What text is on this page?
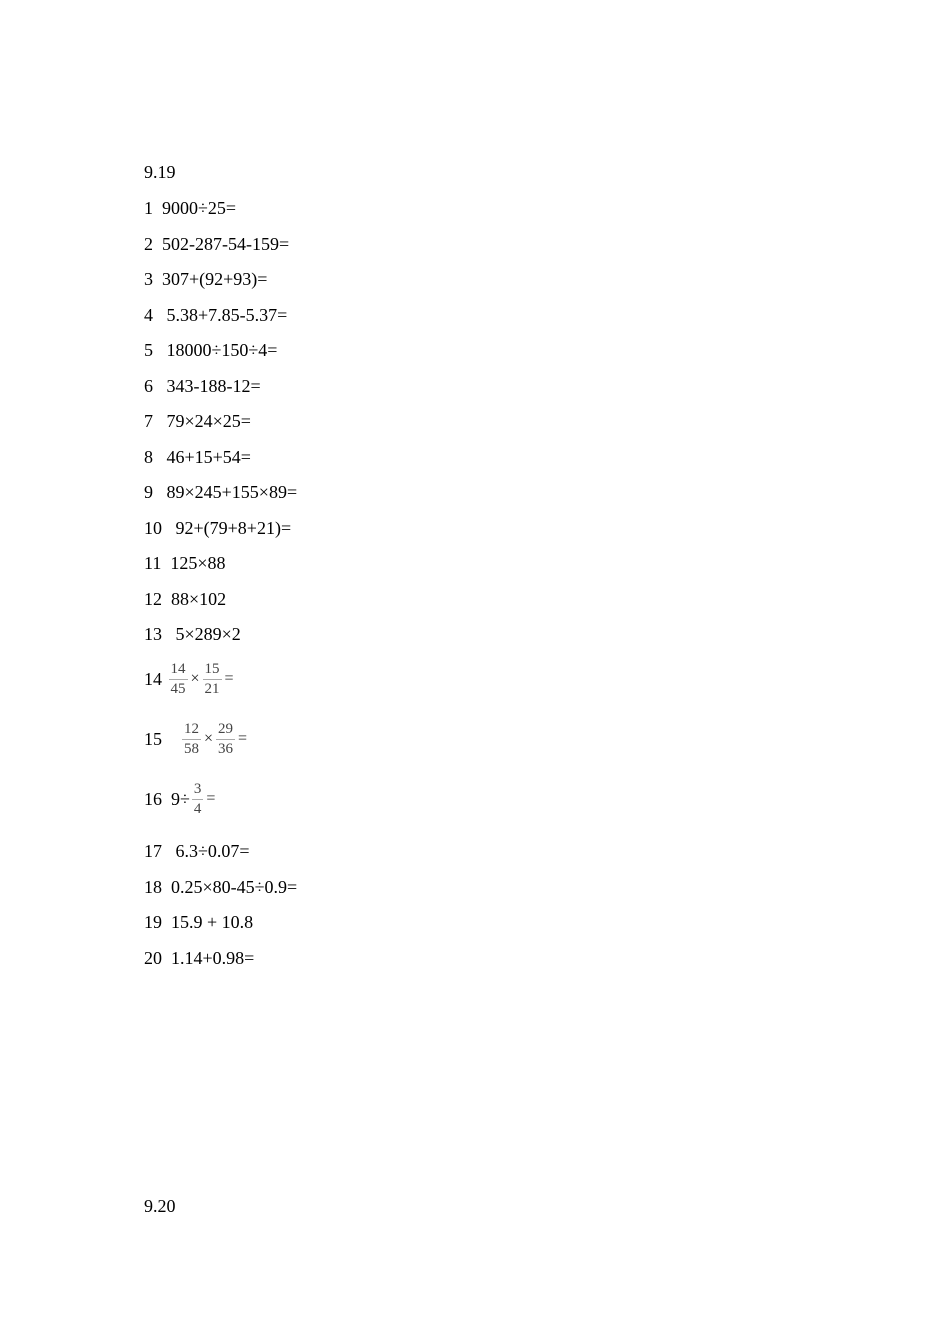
9.19
1 9000÷25=
2 502-287-54-159=
3 307+(92+93)=
4 5.38+7.85-5.37=
5 18000÷150÷4=
6 343-188-12=
7 79×24×25=
8 46+15+54=
9 89×245+155×89=
10 92+(79+8+21)=
11 125×88
12 88×102
13 5×289×2
14
$\frac{14}{45} \times \frac{15}{21}$ =
15
$\frac{12}{58} \times \frac{29}{36}$ =
16
$9\div \frac{3}{4}$ =
17 6.3÷0.07=
18 0.25×80-45÷0.9=
19 15.9 + 10.8
20 1.14+0.98=
9.20
